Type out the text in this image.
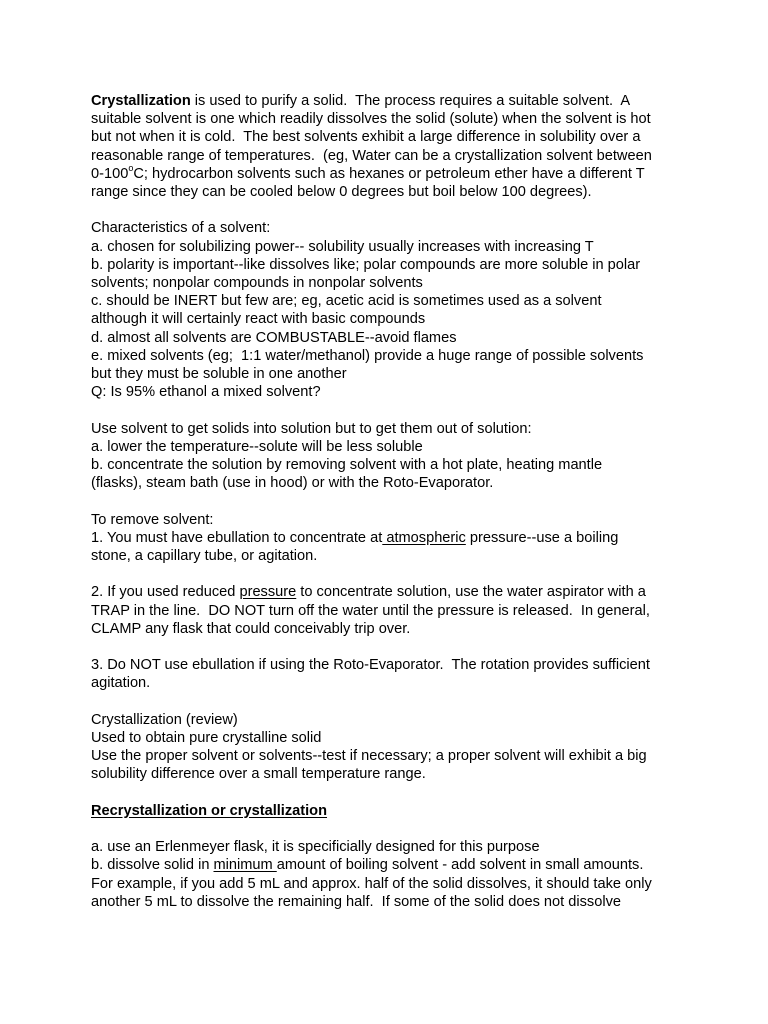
Crystallization is used to purify a solid.  The process requires a suitable solvent.  A

suitable solvent is one which readily dissolves the solid (solute) when the solvent is hot

but not when it is cold.  The best solvents exhibit a large difference in solubility over a

reasonable range of temperatures.  (eg, Water can be a crystallization solvent between

0-100$^o$C; hydrocarbon solvents such as hexanes or petroleum ether have a different T

range since they can be cooled below 0 degrees but boil below 100 degrees).

Characteristics of a solvent:

a. chosen for solubilizing power-- solubility usually increases with increasing T

b. polarity is important--like dissolves like; polar compounds are more soluble in polar

solvents; nonpolar compounds in nonpolar solvents

c. should be INERT but few are; eg, acetic acid is sometimes used as a solvent

although it will certainly react with basic compounds

d. almost all solvents are COMBUSTABLE--avoid flames

e. mixed solvents (eg;  1:1 water/methanol) provide a huge range of possible solvents

but they must be soluble in one another

Q: Is 95% ethanol a mixed solvent?

Use solvent to get solids into solution but to get them out of solution:

a. lower the temperature--solute will be less soluble

b. concentrate the solution by removing solvent with a hot plate, heating mantle

(flasks), steam bath (use in hood) or with the Roto-Evaporator.

To remove solvent:

1. You must have ebullation to concentrate at atmospheric pressure--use a boiling

stone, a capillary tube, or agitation.

2. If you used reduced pressure to concentrate solution, use the water aspirator with a

TRAP in the line.  DO NOT turn off the water until the pressure is released.  In general,

CLAMP any flask that could conceivably trip over.

3. Do NOT use ebullation if using the Roto-Evaporator.  The rotation provides sufficient

agitation.

Crystallization (review)

Used to obtain pure crystalline solid

Use the proper solvent or solvents--test if necessary; a proper solvent will exhibit a big

solubility difference over a small temperature range.

Recrystallization or crystallization

a. use an Erlenmeyer flask, it is specificially designed for this purpose

b. dissolve solid in minimum amount of boiling solvent - add solvent in small amounts.

For example, if you add 5 mL and approx. half of the solid dissolves, it should take only

another 5 mL to dissolve the remaining half.  If some of the solid does not dissolve
